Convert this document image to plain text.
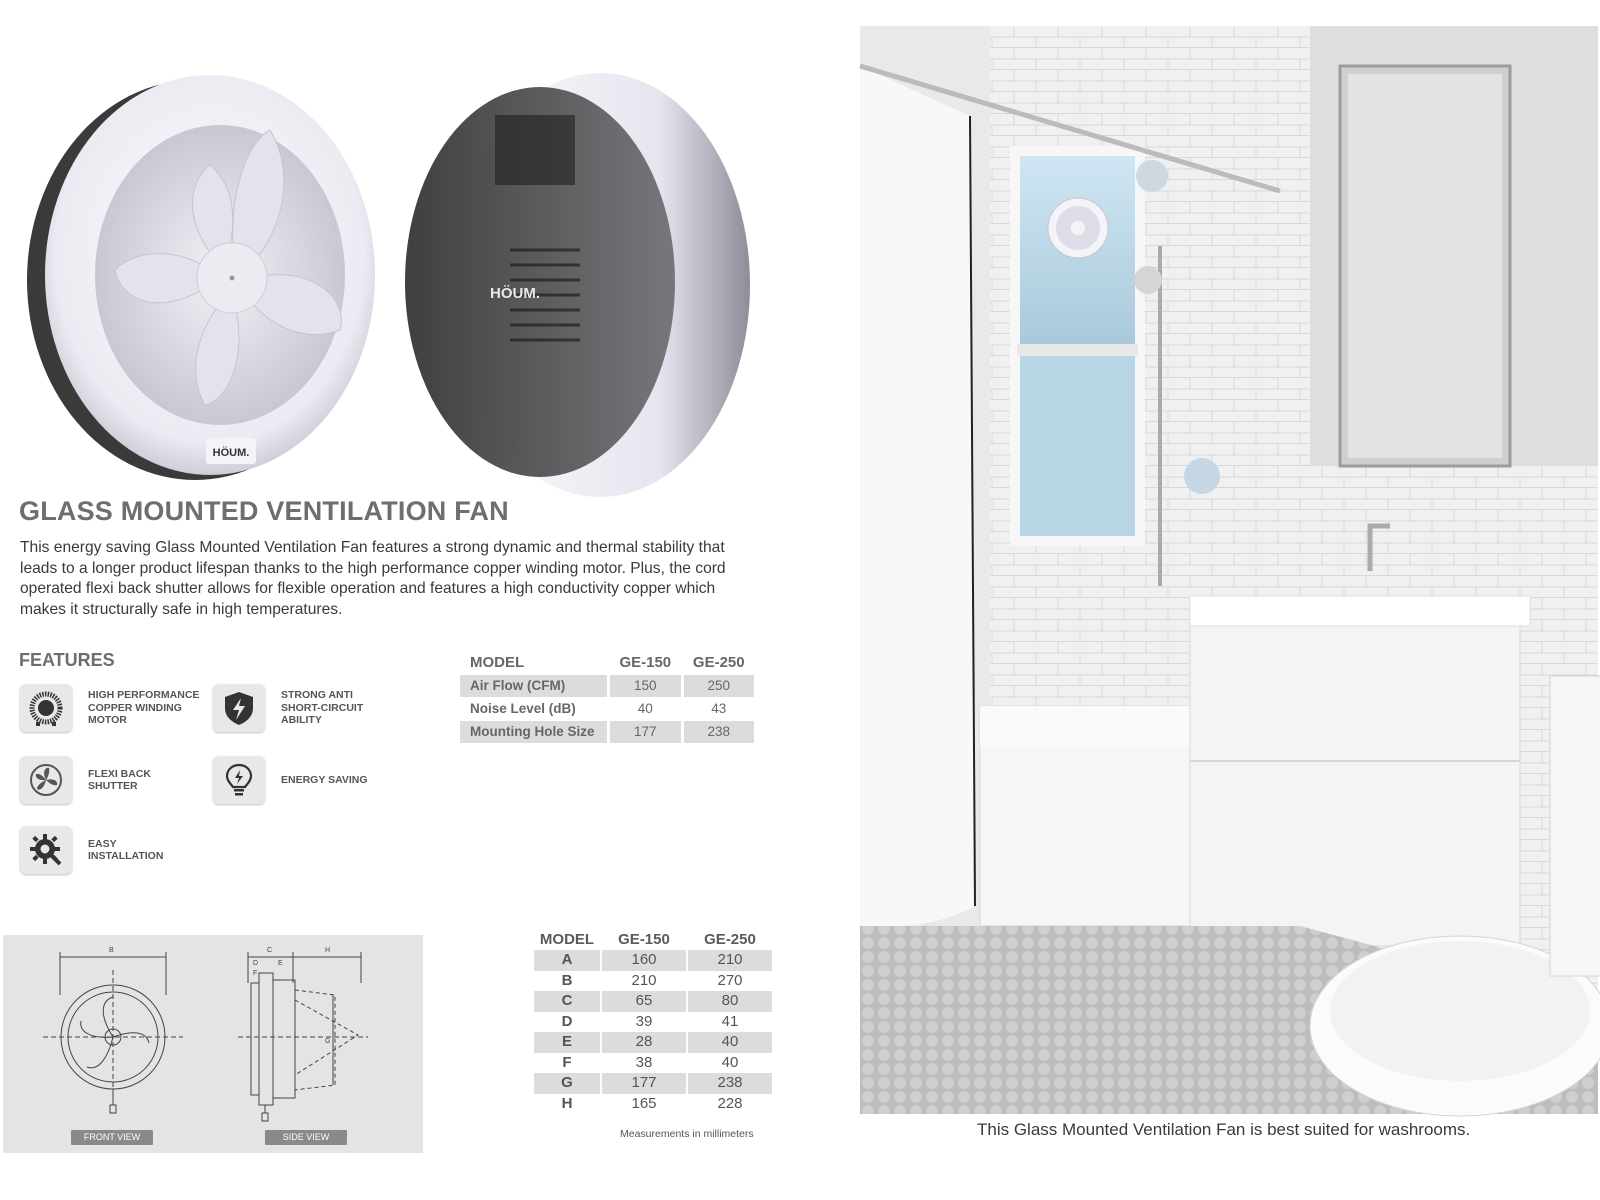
HÖUM.
HÖUM.
GLASS MOUNTED VENTILATION FAN

This energy saving Glass Mounted Ventilation Fan features a strong dynamic and thermal stability that leads to a longer product lifespan thanks to the high performance copper winding motor. Plus, the cord operated flexi back shutter allows for flexible operation and features a high conductivity copper which makes it structurally safe in high temperatures.

FEATURES
HIGH PERFORMANCE
COPPER WINDING
MOTOR
STRONG ANTI
SHORT-CIRCUIT
ABILITY
FLEXI BACK
SHUTTER
ENERGY SAVING
EASY
INSTALLATION
MODEL	GE-150	GE-250
Air Flow (CFM)	150	250
Noise Level (dB)	40	43
Mounting Hole Size	177	238
B	C
D	E
F
G
H
FRONT VIEW	SIDE VIEW
MODEL	GE-150	GE-250
A	160	210
B	210	270
C	65	80
D	39	41
E	28	40
F	38	40
G	177	238
H	165	228
Measurements in millimeters	This Glass Mounted Ventilation Fan is best suited for washrooms.
